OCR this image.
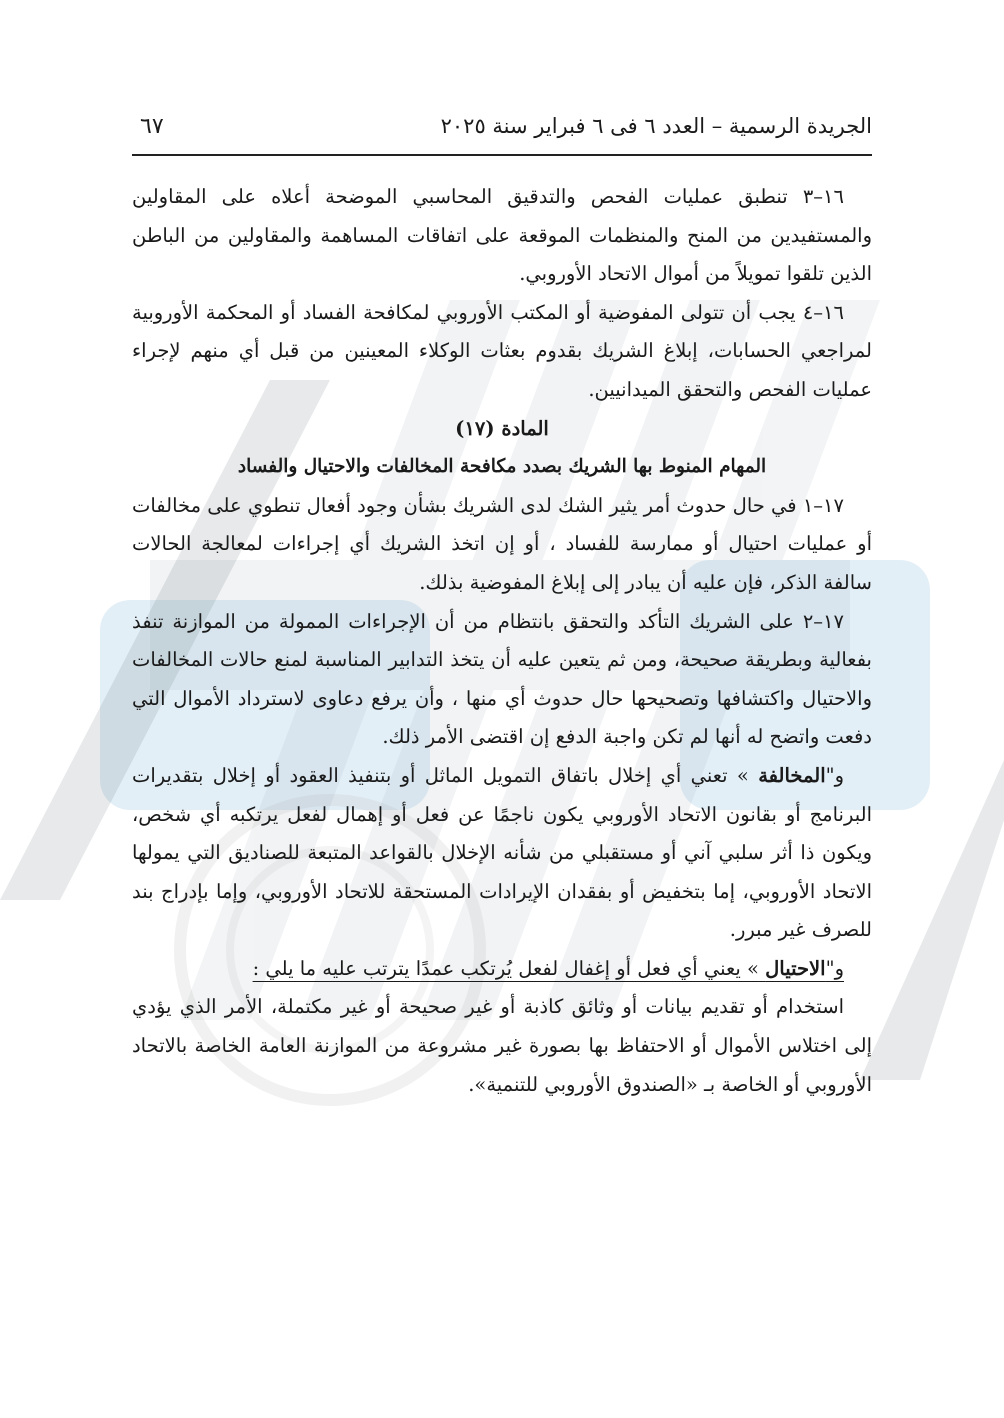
الجريدة الرسمية – العدد ٦ فى ٦ فبراير سنة ٢٠٢٥
٦٧

١٦–٣ تنطبق عمليات الفحص والتدقيق المحاسبي الموضحة أعلاه على المقاولين والمستفيدين من المنح والمنظمات الموقعة على اتفاقات المساهمة والمقاولين من الباطن الذين تلقوا تمويلاً من أموال الاتحاد الأوروبي.

١٦–٤ يجب أن تتولى المفوضية أو المكتب الأوروبي لمكافحة الفساد أو المحكمة الأوروبية لمراجعي الحسابات، إبلاغ الشريك بقدوم بعثات الوكلاء المعينين من قبل أي منهم لإجراء عمليات الفحص والتحقق الميدانيين.

المادة (١٧)

المهام المنوط بها الشريك بصدد مكافحة المخالفات والاحتيال والفساد

١٧–١ في حال حدوث أمر يثير الشك لدى الشريك بشأن وجود أفعال تنطوي على مخالفات أو عمليات احتيال أو ممارسة للفساد ، أو إن اتخذ الشريك أي إجراءات لمعالجة الحالات سالفة الذكر، فإن عليه أن يبادر إلى إبلاغ المفوضية بذلك.

١٧–٢ على الشريك التأكد والتحقق بانتظام من أن الإجراءات الممولة من الموازنة تنفذ بفعالية وبطريقة صحيحة، ومن ثم يتعين عليه أن يتخذ التدابير المناسبة لمنع حالات المخالفات والاحتيال واكتشافها وتصحيحها حال حدوث أي منها ، وأن يرفع دعاوى لاسترداد الأموال التي دفعت واتضح له أنها لم تكن واجبة الدفع إن اقتضى الأمر ذلك.

و"المخالفة » تعني أي إخلال باتفاق التمويل الماثل أو بتنفيذ العقود أو إخلال بتقديرات البرنامج أو بقانون الاتحاد الأوروبي يكون ناجمًا عن فعل أو إهمال لفعل يرتكبه أي شخص، ويكون ذا أثر سلبي آني أو مستقبلي من شأنه الإخلال بالقواعد المتبعة للصناديق التي يمولها الاتحاد الأوروبي، إما بتخفيض أو بفقدان الإيرادات المستحقة للاتحاد الأوروبي، وإما بإدراج بند للصرف غير مبرر.

و"الاحتيال » يعني أي فعل أو إغفال لفعل يُرتكب عمدًا يترتب عليه ما يلي :

استخدام أو تقديم بيانات أو وثائق كاذبة أو غير صحيحة أو غير مكتملة، الأمر الذي يؤدي إلى اختلاس الأموال أو الاحتفاظ بها بصورة غير مشروعة من الموازنة العامة الخاصة بالاتحاد الأوروبي أو الخاصة بـ «الصندوق الأوروبي للتنمية».
